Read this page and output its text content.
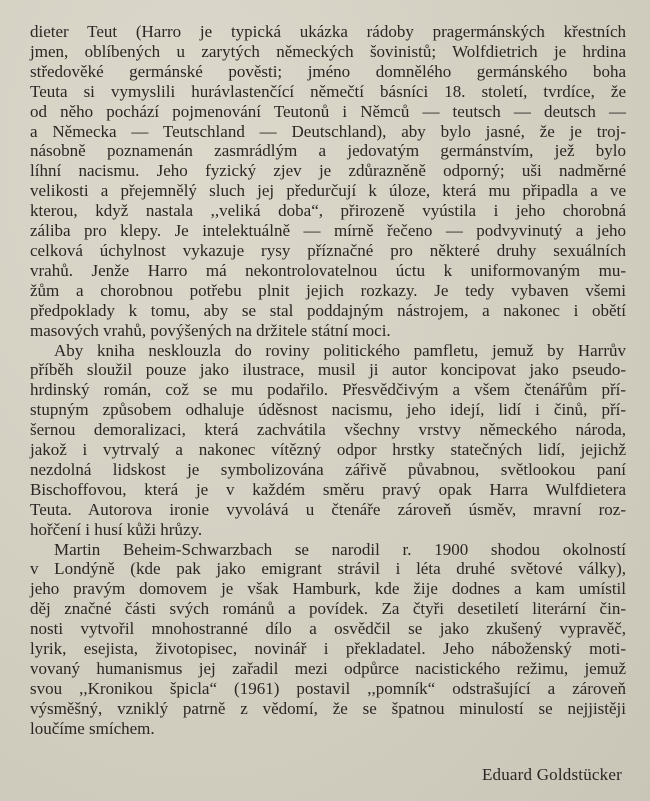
dieter Teut (Harro je typická ukázka rádoby pragermánských křestních
jmen, oblíbených u zarytých německých šovinistů; Wolfdietrich je hrdina
středověké germánské pověsti; jméno domnělého germánského boha
Teuta si vymyslili hurávlastenčící němečtí básníci 18. století, tvrdíce, že
od něho pochází pojmenování Teutonů i Němců — teutsch — deutsch —
a Německa — Teutschland — Deutschland), aby bylo jasné, že je troj-
násobně poznamenán zasmrádlým a jedovatým germánstvím, jež bylo
líhní nacismu. Jeho fyzický zjev je zdůrazněně odporný; uši nadměrné
velikosti a přejemnělý sluch jej předurčují k úloze, která mu připadla a ve
kterou, když nastala ,,veliká doba“, přirozeně vyústila i jeho chorobná
záliba pro klepy. Je intelektuálně — mírně řečeno — podvyvinutý a jeho
celková úchylnost vykazuje rysy příznačné pro některé druhy sexuálních
vrahů. Jenže Harro má nekontrolovatelnou úctu k uniformovaným mu-
žům a chorobnou potřebu plnit jejich rozkazy. Je tedy vybaven všemi
předpoklady k tomu, aby se stal poddajným nástrojem, a nakonec i obětí
masových vrahů, povýšených na držitele státní moci.
Aby kniha nesklouzla do roviny politického pamfletu, jemuž by Harrův
příběh sloužil pouze jako ilustrace, musil ji autor koncipovat jako pseudo-
hrdinský román, což se mu podařilo. Přesvědčivým a všem čtenářům pří-
stupným způsobem odhaluje úděsnost nacismu, jeho idejí, lidí i činů, pří-
šernou demoralizaci, která zachvátila všechny vrstvy německého národa,
jakož i vytrvalý a nakonec vítězný odpor hrstky statečných lidí, jejichž
nezdolná lidskost je symbolizována zářivě půvabnou, světlookou paní
Bischoffovou, která je v každém směru pravý opak Harra Wulfdietera
Teuta. Autorova ironie vyvolává u čtenáře zároveň úsměv, mravní roz-
hořčení i husí kůži hrůzy.
Martin Beheim-Schwarzbach se narodil r. 1900 shodou okolností
v Londýně (kde pak jako emigrant strávil i léta druhé světové války),
jeho pravým domovem je však Hamburk, kde žije dodnes a kam umístil
děj značné části svých románů a povídek. Za čtyři desetiletí literární čin-
nosti vytvořil mnohostranné dílo a osvědčil se jako zkušený vypravěč,
lyrik, esejista, životopisec, novinář i překladatel. Jeho náboženský moti-
vovaný humanismus jej zařadil mezi odpůrce nacistického režimu, jemuž
svou ,,Kronikou špicla“ (1961) postavil ,,pomník“ odstrašující a zároveň
výsměšný, vzniklý patrně z vědomí, že se špatnou minulostí se nejjistěji
loučíme smíchem.
Eduard Goldstücker
